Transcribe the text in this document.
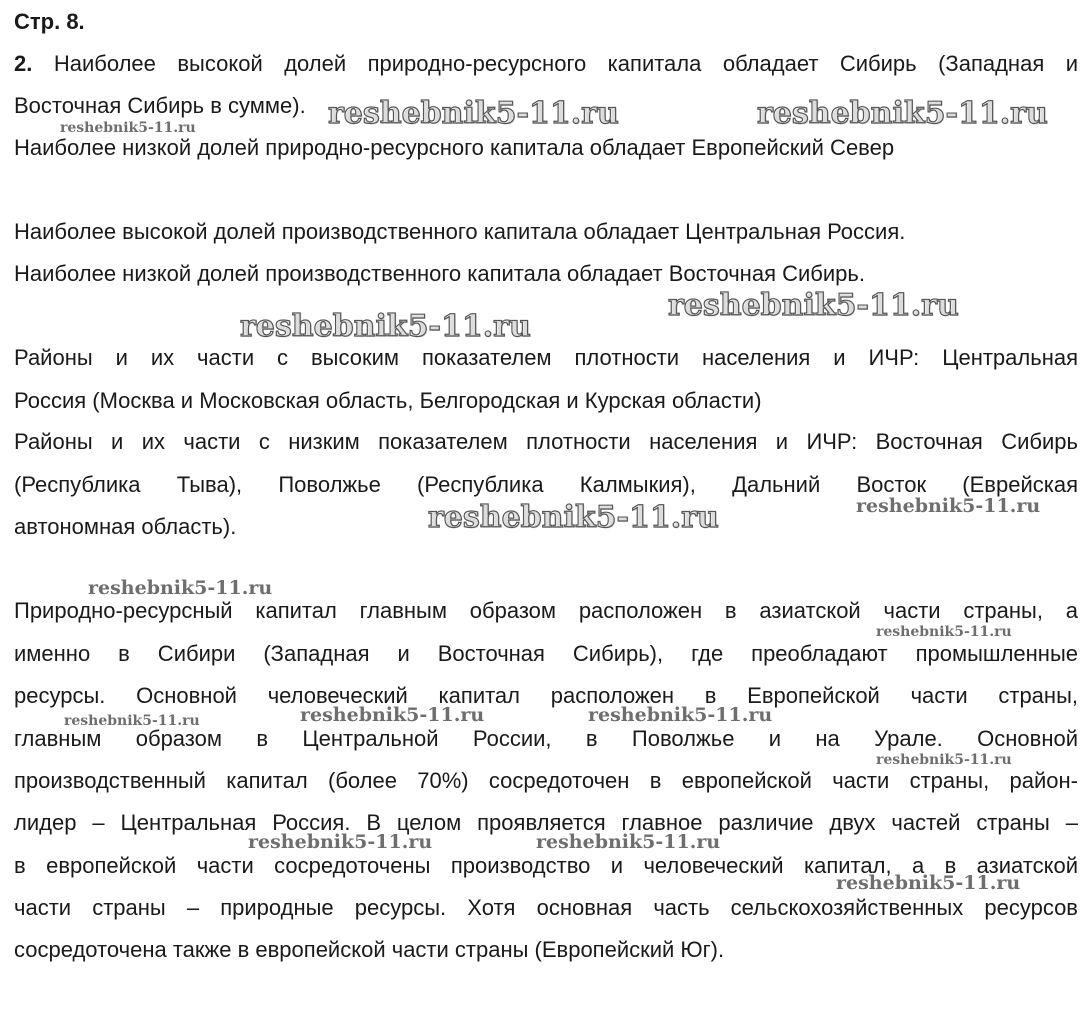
Стр. 8.
2. Наиболее высокой долей природно-ресурсного капитала обладает Сибирь (Западная и
Восточная Сибирь в сумме).
Наиболее низкой долей природно-ресурсного капитала обладает Европейский Север
Наиболее высокой долей производственного капитала обладает Центральная Россия.
Наиболее низкой долей производственного капитала обладает Восточная Сибирь.
Районы и их части с высоким показателем плотности населения и ИЧР: Центральная
Россия (Москва и Московская область, Белгородская и Курская области)
Районы и их части с низким показателем плотности населения и ИЧР: Восточная Сибирь
(Республика Тыва), Поволжье (Республика Калмыкия), Дальний Восток (Еврейская
автономная область).
Природно-ресурсный капитал главным образом расположен в азиатской части страны, а
именно в Сибири (Западная и Восточная Сибирь), где преобладают промышленные
ресурсы. Основной человеческий капитал расположен в Европейской части страны,
главным образом в Центральной России, в Поволжье и на Урале. Основной
производственный капитал (более 70%) сосредоточен в европейской части страны, район-
лидер – Центральная Россия. В целом проявляется главное различие двух частей страны –
в европейской части сосредоточены производство и человеческий капитал, а в азиатской
части страны – природные ресурсы. Хотя основная часть сельскохозяйственных ресурсов
сосредоточена также в европейской части страны (Европейский Юг).
reshebnik5-11.ru	reshebnik5-11.ru
reshebnik5-11.ru
reshebnik5-11.ru
reshebnik5-11.ru
reshebnik5-11.ru
reshebnik5-11.ru
reshebnik5-11.ru
reshebnik5-11.ru
reshebnik5-11.ru	reshebnik5-11.ru
reshebnik5-11.ru
reshebnik5-11.ru
reshebnik5-11.ru	reshebnik5-11.ru
reshebnik5-11.ru
